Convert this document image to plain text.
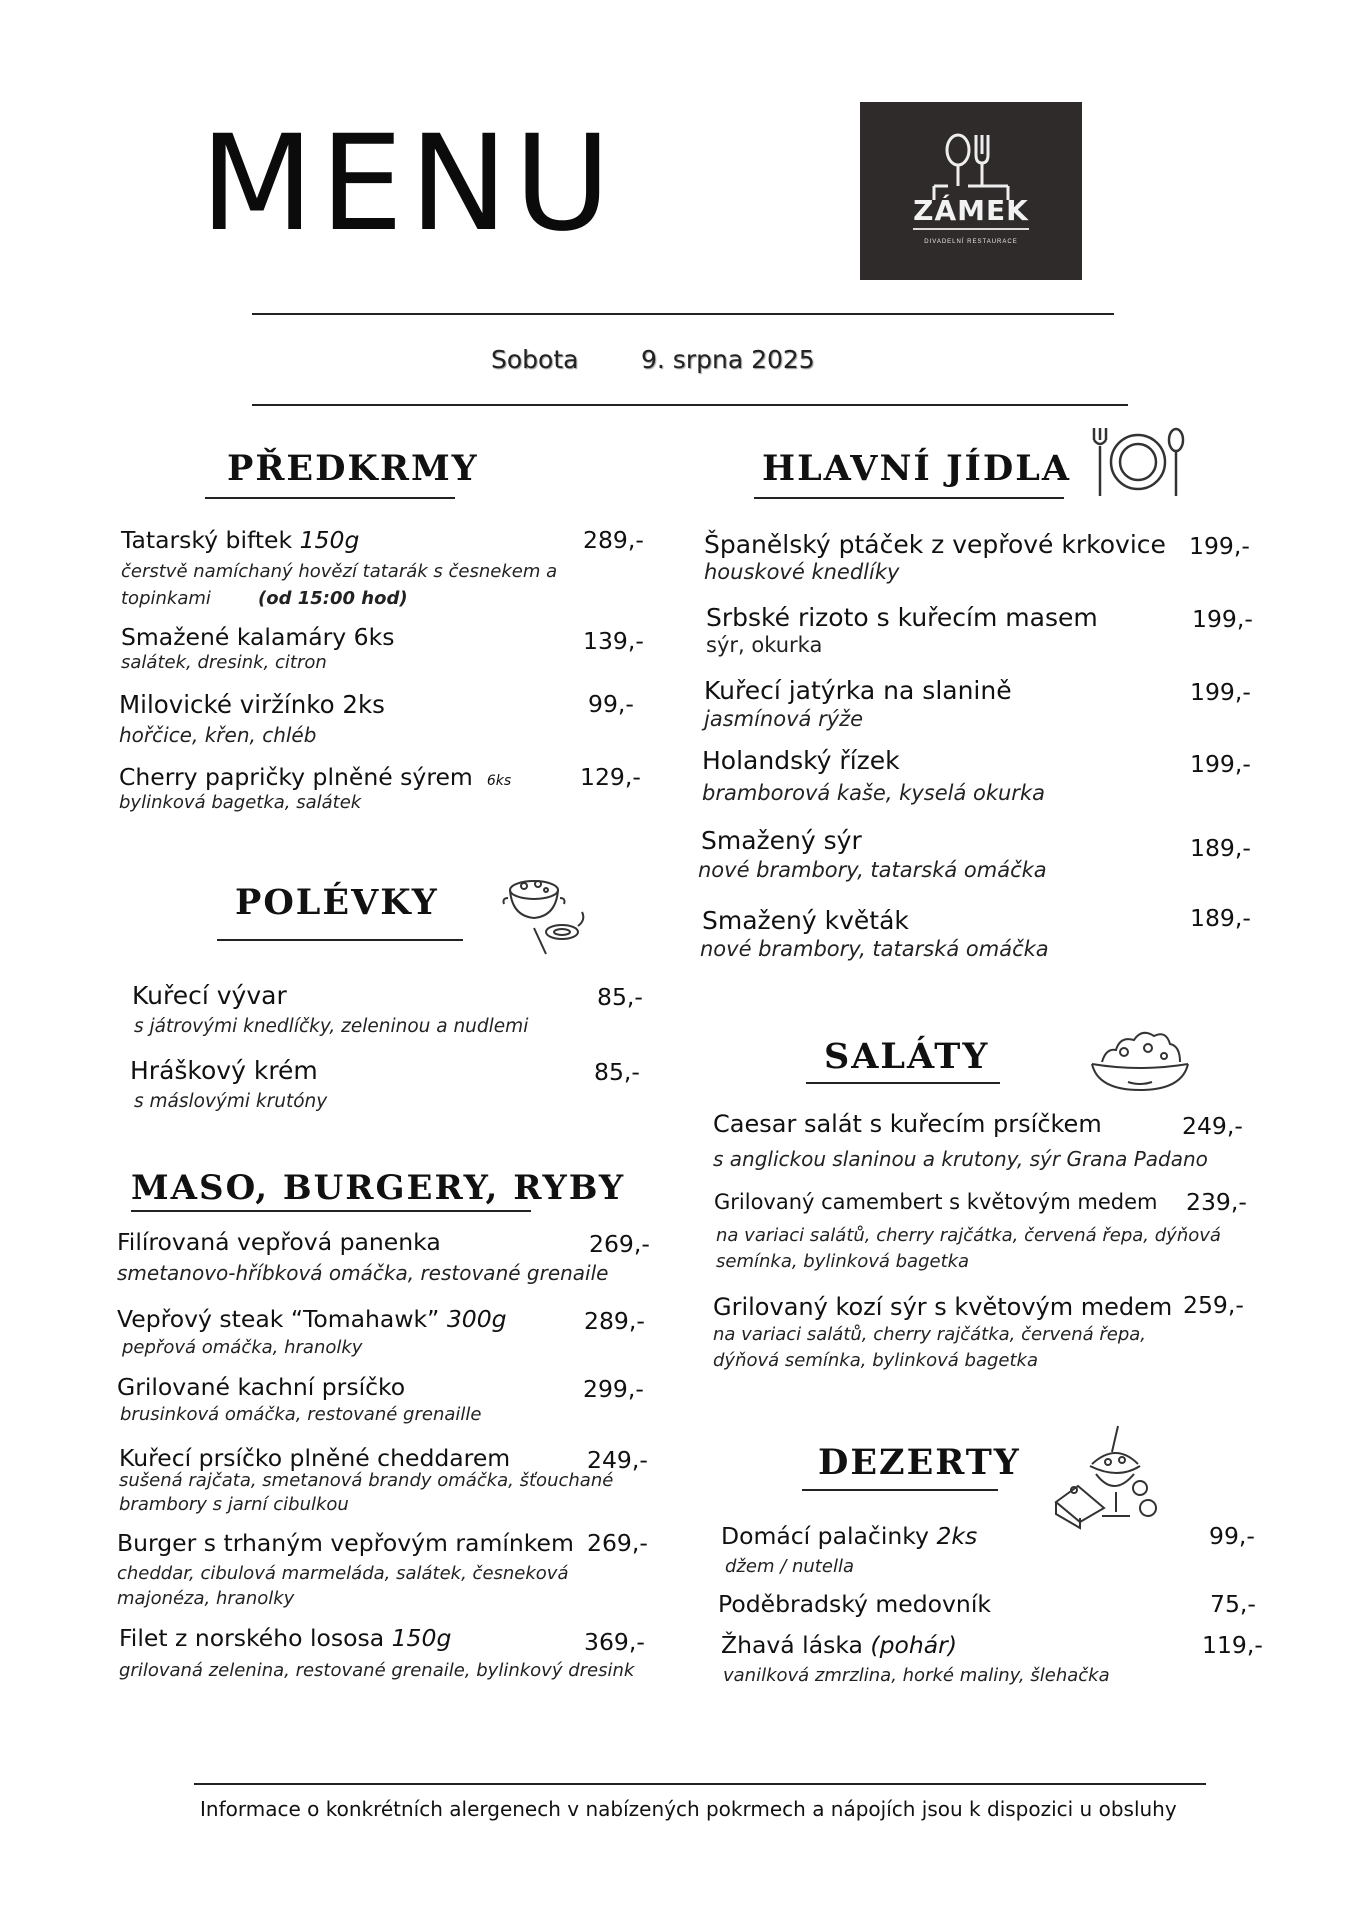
MENU	ZÁMEK
DIVADELNÍ RESTAURACE
Sobota	9. srpna 2025
PŘEDKRMY
Tatarský biftek 150g
čerstvě namíchaný hovězí tatarák s česnekem a
topinkami	(od 15:00 hod)
289,-
Smažené kalamáry 6ks
salátek, dresink, citron
139,-
Milovické viržínko 2ks
hořčice, křen, chléb
99,-
Cherry papričky plněné sýrem 6ks
bylinková bagetka, salátek
129,-
POLÉVKY
Kuřecí vývar
s játrovými knedlíčky, zeleninou a nudlemi
85,-
Hráškový krém
s máslovými krutóny
85,-
MASO, BURGERY, RYBY
Filírovaná vepřová panenka
smetanovo-hříbková omáčka, restované grenaile
269,-
Vepřový steak “Tomahawk” 300g
pepřová omáčka, hranolky
289,-
Grilované kachní prsíčko
brusinková omáčka, restované grenaille
299,-
Kuřecí prsíčko plněné cheddarem
sušená rajčata, smetanová brandy omáčka, šťouchané
brambory s jarní cibulkou
249,-
Burger s trhaným vepřovým ramínkem
cheddar, cibulová marmeláda, salátek, česneková
majonéza, hranolky
269,-
Filet z norského lososa 150g
grilovaná zelenina, restované grenaile, bylinkový dresink
369,-
HLAVNÍ JÍDLA
Španělský ptáček z vepřové krkovice
houskové knedlíky
199,-
Srbské rizoto s kuřecím masem
sýr, okurka
199,-
Kuřecí jatýrka na slanině
jasmínová rýže
199,-
Holandský řízek
bramborová kaše, kyselá okurka
199,-
Smažený sýr
nové brambory, tatarská omáčka
189,-
Smažený květák
nové brambory, tatarská omáčka
189,-
SALÁTY
Caesar salát s kuřecím prsíčkem
s anglickou slaninou a krutony, sýr Grana Padano
249,-
Grilovaný camembert s květovým medem
na variaci salátů, cherry rajčátka, červená řepa, dýňová
semínka, bylinková bagetka
239,-
Grilovaný kozí sýr s květovým medem
na variaci salátů, cherry rajčátka, červená řepa,
dýňová semínka, bylinková bagetka
259,-
DEZERTY
Domácí palačinky 2ks
džem / nutella
99,-
Poděbradský medovník	75,-
Žhavá láska (pohár)
vanilková zmrzlina, horké maliny, šlehačka
119,-
Informace o konkrétních alergenech v nabízených pokrmech a nápojích jsou k dispozici u obsluhy
